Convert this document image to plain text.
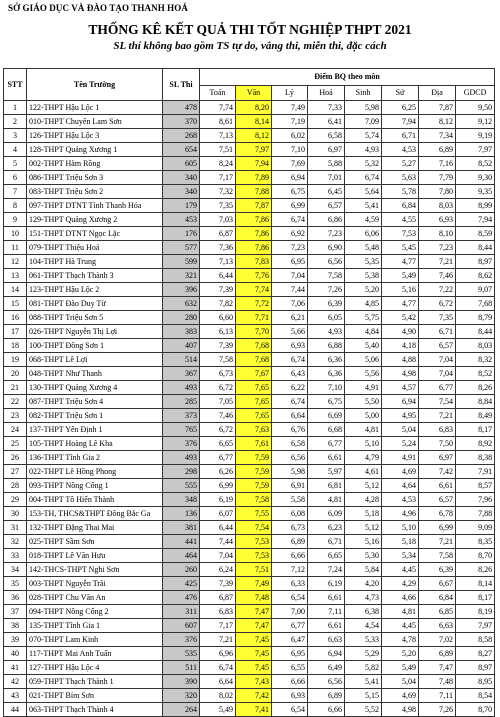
SỞ GIÁO DỤC VÀ ĐÀO TẠO THANH HOÁ
THỐNG KÊ KẾT QUẢ THI TỐT NGHIỆP THPT 2021
SL thí không bao gồm TS tự do, vắng thi, miễn thi, đặc cách
STT	Tên Trường	SL Thi	Điểm BQ theo môn							
			Toán	Văn	Lý	Hoá	Sinh	Sử	Địa	GDCD
1	122-THPT Hậu Lộc 1	478	7,74	8,20	7,49	7,33	5,98	6,25	7,87	9,50
2	010-THPT Chuyên Lam Sơn	370	8,61	8,14	7,19	6,41	7,09	7,94	8,12	9,12
3	126-THPT Hậu Lộc 3	268	7,13	8,12	6,02	6,58	5,74	6,71	7,34	9,19
4	128-THPT Quảng Xương 1	654	7,51	7,97	7,10	6,97	4,93	4,53	6,89	7,97
5	002-THPT Hàm Rồng	605	8,24	7,94	7,69	5,88	5,32	5,27	7,16	8,52
6	086-THPT Triệu Sơn 3	340	7,17	7,89	6,94	7,01	6,74	5,63	7,79	9,30
7	083-THPT Triệu Sơn 2	340	7,32	7,88	6,75	6,45	5,64	5,78	7,80	9,35
8	097-THPT DTNT Tỉnh Thanh Hóa	179	7,35	7,87	6,99	6,57	5,41	6,84	8,03	8,99
9	129-THPT Quảng Xương 2	453	7,03	7,86	6,74	6,86	4,59	4,55	6,93	7,94
10	151-THPT DTNT Ngọc Lặc	176	6,87	7,86	6,92	7,23	6,06	7,53	8,10	8,59
11	079-THPT Thiệu Hoá	577	7,36	7,86	7,23	6,90	5,48	5,45	7,23	8,44
12	104-THPT Hà Trung	599	7,13	7,83	6,95	6,56	5,35	4,77	7,21	8,97
13	061-THPT Thạch Thành 3	321	6,44	7,76	7,04	7,58	5,38	5,49	7,46	8,62
14	123-THPT Hậu Lộc 2	396	7,39	7,74	7,44	7,26	5,20	5,16	7,22	9,07
15	081-THPT Đào Duy Từ	632	7,82	7,72	7,06	6,39	4,85	4,77	6,72	7,68
16	088-THPT Triệu Sơn 5	280	6,60	7,71	6,21	6,05	5,75	5,42	7,35	8,79
17	026-THPT Nguyễn Thị Lợi	383	6,13	7,70	5,66	4,93	4,84	4,90	6,71	8,44
18	100-THPT Đông Sơn 1	407	7,39	7,68	6,93	6,88	5,40	4,18	6,57	8,03
19	068-THPT Lê Lợi	514	7,58	7,68	6,74	6,36	5,06	4,88	7,04	8,32
20	048-THPT Như Thanh	367	6,73	7,67	6,43	6,36	5,56	4,98	7,04	8,52
21	130-THPT Quảng Xương 4	493	6,72	7,65	6,22	7,10	4,91	4,57	6,77	8,26
22	087-THPT Triệu Sơn 4	285	7,05	7,65	6,74	6,75	5,50	6,94	7,54	8,84
23	082-THPT Triệu Sơn 1	373	7,46	7,65	6,64	6,69	5,00	4,95	7,21	8,49
24	137-THPT Yên Định 1	765	6,72	7,63	6,76	6,68	4,81	5,04	6,83	8,17
25	105-THPT Hoàng Lê Kha	376	6,65	7,61	6,58	6,77	5,10	5,24	7,50	8,92
26	136-THPT Tĩnh Gia 2	493	6,77	7,59	6,56	6,61	4,79	4,91	6,97	8,38
27	022-THPT Lê Hồng Phong	298	6,26	7,59	5,98	5,97	4,61	4,69	7,42	7,91
28	093-THPT Nông Cống 1	555	6,99	7,59	6,91	6,81	5,12	4,64	6,61	8,57
29	004-THPT Tô Hiến Thành	348	6,19	7,58	5,58	4,81	4,28	4,53	6,57	7,96
30	153-TH, THCS&THPT Đông Bắc Ga	136	6,07	7,55	6,08	6,09	5,18	4,96	6,78	7,88
31	132-THPT Đặng Thai Mai	381	6,44	7,54	6,73	6,23	5,12	5,10	6,99	9,09
32	025-THPT Sầm Sơn	441	7,44	7,53	6,89	6,71	5,16	5,18	7,21	8,35
33	018-THPT Lê Văn Hưu	464	7,04	7,53	6,66	6,65	5,30	5,34	7,58	8,70
34	142-THCS-THPT Nghi Sơn	260	6,24	7,51	7,12	7,24	5,84	4,45	6,39	8,26
35	003-THPT Nguyễn Trãi	425	7,39	7,49	6,33	6,19	4,20	4,29	6,67	8,14
36	028-THPT Chu Văn An	476	6,87	7,48	6,54	6,61	4,73	4,66	6,84	8,17
37	094-THPT Nông Cống 2	311	6,83	7,47	7,00	7,11	6,38	4,81	6,85	8,19
38	135-THPT Tĩnh Gia 1	607	7,17	7,47	6,77	6,61	4,54	4,45	6,63	7,97
39	070-THPT Lam Kinh	376	7,21	7,45	6,47	6,63	5,33	4,78	7,02	8,58
40	117-THPT Mai Anh Tuấn	535	6,96	7,45	6,95	6,94	5,29	5,20	6,89	8,27
41	127-THPT Hậu Lộc 4	511	6,74	7,45	6,55	6,49	5,82	5,49	7,47	8,97
42	059-THPT Thạch Thành 1	390	6,64	7,43	6,66	6,56	5,41	5,04	7,48	8,95
43	021-THPT Bỉm Sơn	320	8,02	7,42	6,93	6,89	5,15	4,69	7,11	8,54
44	063-THPT Thạch Thành 4	264	5,49	7,41	6,54	6,66	5,52	4,98	7,26	8,70
